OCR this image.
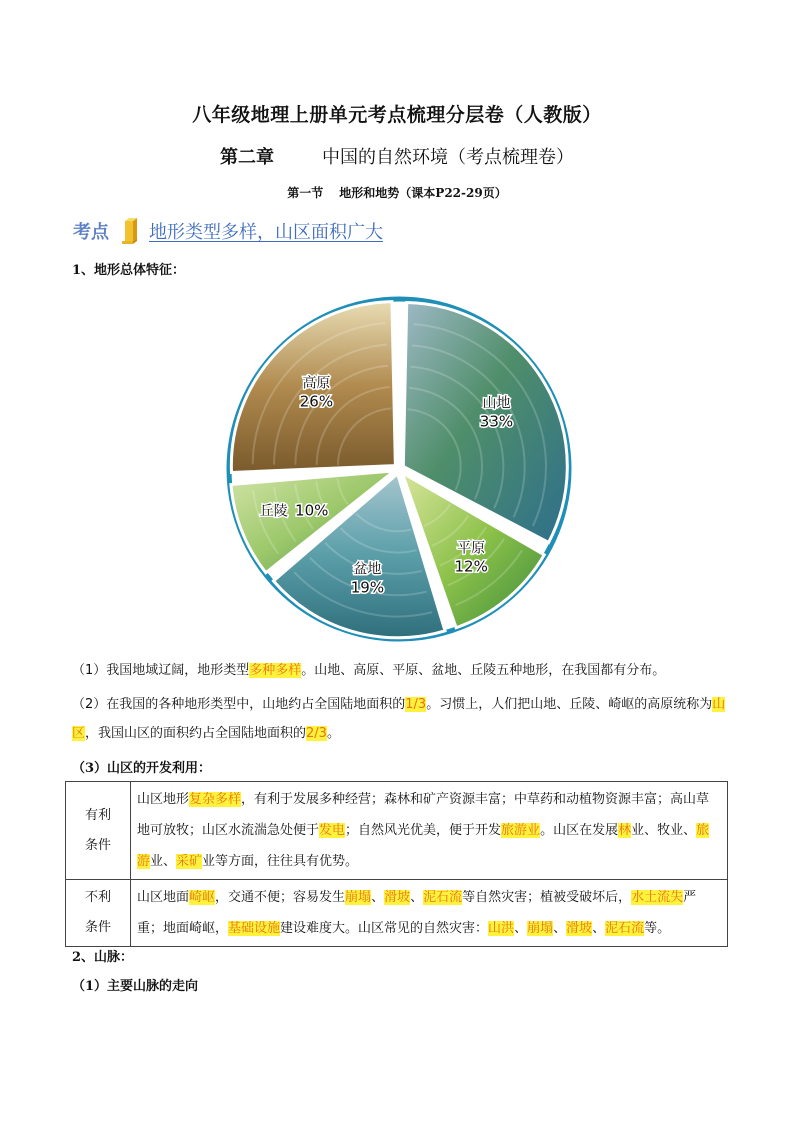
八年级地理上册单元考点梳理分层卷（人教版）
第二章	中国的自然环境（考点梳理卷）
第一节 地形和地势（课本P22-29页）
考点 地形类型多样，山区面积广大
1、地形总体特征：
山地
33%
平原
12%
盆地
19%
丘陵 10%
高原
26%
（1）我国地域辽阔，地形类型多种多样。山地、高原、平原、盆地、丘陵五种地形，在我国都有分布。
（2）在我国的各种地形类型中，山地约占全国陆地面积的1/3。习惯上，人们把山地、丘陵、崎岖的高原统称为山区，我国山区的面积约占全国陆地面积的2/3。
（3）山区的开发利用：
有利
条件	山区地形复杂多样，有利于发展多种经营；森林和矿产资源丰富；中草药和动植物资源丰富；高山草地可放牧；山区水流湍急处便于发电；自然风光优美，便于开发旅游业。山区在发展林业、牧业、旅游业、采矿业等方面，往往具有优势。

不利
条件	山区地面崎岖，交通不便；容易发生崩塌、滑坡、泥石流等自然灾害；植被受破坏后，水土流失严重；地面崎岖，基础设施建设难度大。山区常见的自然灾害：山洪、崩塌、滑坡、泥石流等。
2、山脉：
（1）主要山脉的走向
